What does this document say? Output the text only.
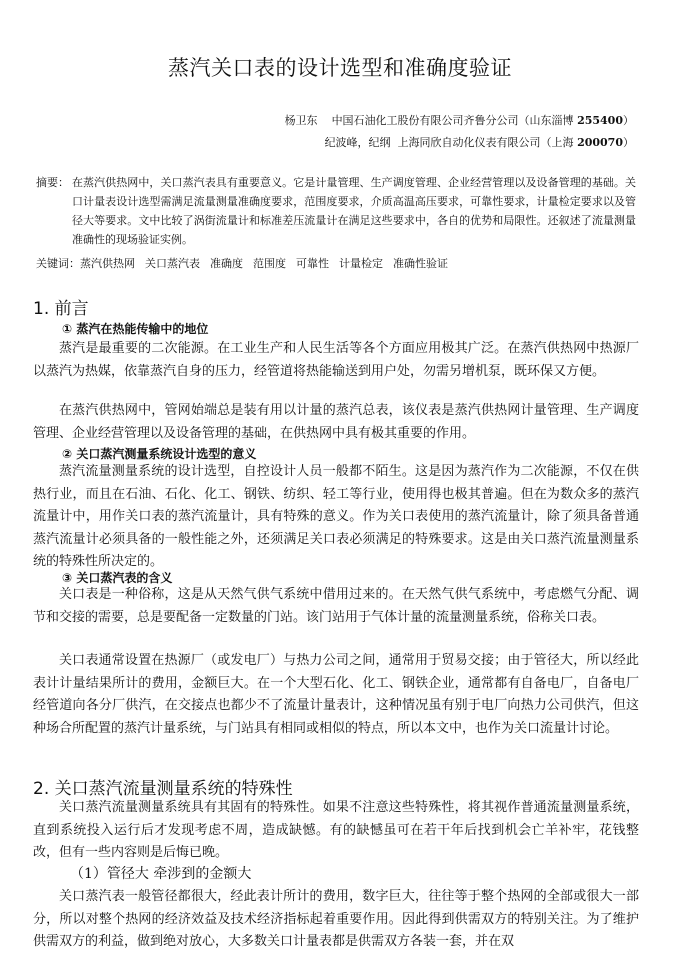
蒸汽关口表的设计选型和准确度验证
杨卫东 中国石油化工股份有限公司齐鲁分公司（山东淄博 255400）
纪波峰，纪纲 上海同欣自动化仪表有限公司（上海 200070）
摘要： 在蒸汽供热网中，关口蒸汽表具有重要意义。它是计量管理、生产调度管理、企业经营管理以及设备管理的基础。关口计量表设计选型需满足流量测量准确度要求，范围度要求，介质高温高压要求，可靠性要求，计量检定要求以及管径大等要求。文中比较了涡街流量计和标准差压流量计在满足这些要求中，各自的优势和局限性。还叙述了流量测量准确性的现场验证实例。
关键词：蒸汽供热网 关口蒸汽表 准确度 范围度 可靠性 计量检定 准确性验证
1. 前言
① 蒸汽在热能传输中的地位
蒸汽是最重要的二次能源。在工业生产和人民生活等各个方面应用极其广泛。在蒸汽供热网中热源厂以蒸汽为热媒，依靠蒸汽自身的压力，经管道将热能输送到用户处，勿需另增机泵，既环保又方便。
在蒸汽供热网中，管网始端总是装有用以计量的蒸汽总表，该仪表是蒸汽供热网计量管理、生产调度管理、企业经营管理以及设备管理的基础，在供热网中具有极其重要的作用。
② 关口蒸汽测量系统设计选型的意义
蒸汽流量测量系统的设计选型，自控设计人员一般都不陌生。这是因为蒸汽作为二次能源，不仅在供热行业，而且在石油、石化、化工、钢铁、纺织、轻工等行业，使用得也极其普遍。但在为数众多的蒸汽流量计中，用作关口表的蒸汽流量计，具有特殊的意义。作为关口表使用的蒸汽流量计，除了须具备普通蒸汽流量计必须具备的一般性能之外，还须满足关口表必须满足的特殊要求。这是由关口蒸汽流量测量系统的特殊性所决定的。
③ 关口蒸汽表的含义
关口表是一种俗称，这是从天然气供气系统中借用过来的。在天然气供气系统中，考虑燃气分配、调节和交接的需要，总是要配备一定数量的门站。该门站用于气体计量的流量测量系统，俗称关口表。
关口表通常设置在热源厂（或发电厂）与热力公司之间，通常用于贸易交接；由于管径大，所以经此表计计量结果所计的费用，金额巨大。在一个大型石化、化工、钢铁企业，通常都有自备电厂，自备电厂经管道向各分厂供汽，在交接点也都少不了流量计量表计，这种情况虽有别于电厂向热力公司供汽，但这种场合所配置的蒸汽计量系统，与门站具有相同或相似的特点，所以本文中，也作为关口流量计讨论。
2. 关口蒸汽流量测量系统的特殊性
关口蒸汽流量测量系统具有其固有的特殊性。如果不注意这些特殊性，将其视作普通流量测量系统，直到系统投入运行后才发现考虑不周，造成缺憾。有的缺憾虽可在若干年后找到机会亡羊补牢，花钱整改，但有一些内容则是后悔已晚。
（1）管径大 牵涉到的金额大
关口蒸汽表一般管径都很大，经此表计所计的费用，数字巨大，往往等于整个热网的全部或很大一部分，所以对整个热网的经济效益及技术经济指标起着重要作用。因此得到供需双方的特别关注。为了维护供需双方的利益，做到绝对放心，大多数关口计量表都是供需双方各装一套，并在双
